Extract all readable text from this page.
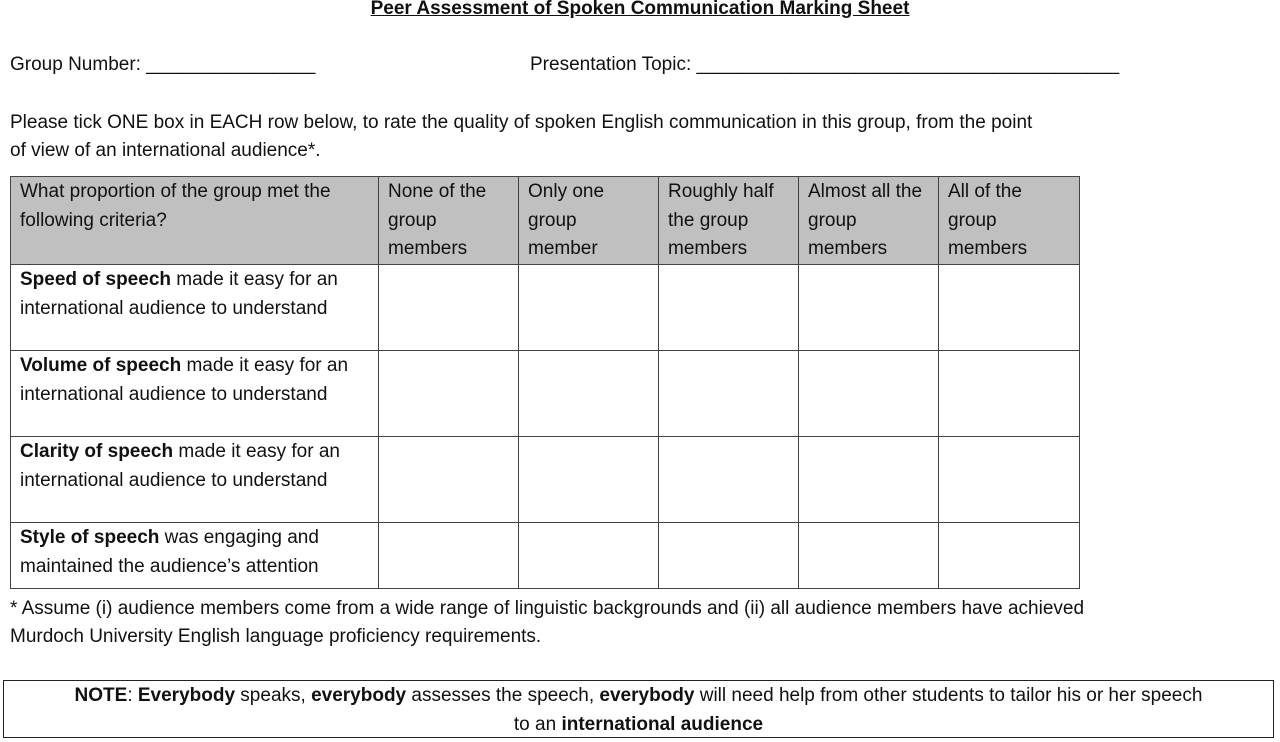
Peer Assessment of Spoken Communication Marking Sheet
Group Number: ________________	Presentation Topic: ________________________________________
Please tick ONE box in EACH row below, to rate the quality of spoken English communication in this group, from the point
of view of an international audience*.
What proportion of the group met the following criteria?	None of the group members	Only one group member	Roughly half the group members	Almost all the group members	All of the group members
Speed of speech made it easy for an international audience to understand					
Volume of speech made it easy for an international audience to understand					
Clarity of speech made it easy for an international audience to understand					
Style of speech was engaging and maintained the audience’s attention					
* Assume (i) audience members come from a wide range of linguistic backgrounds and (ii) all audience members have achieved
Murdoch University English language proficiency requirements.
NOTE: Everybody speaks, everybody assesses the speech, everybody will need help from other students to tailor his or her speech
to an international audience
